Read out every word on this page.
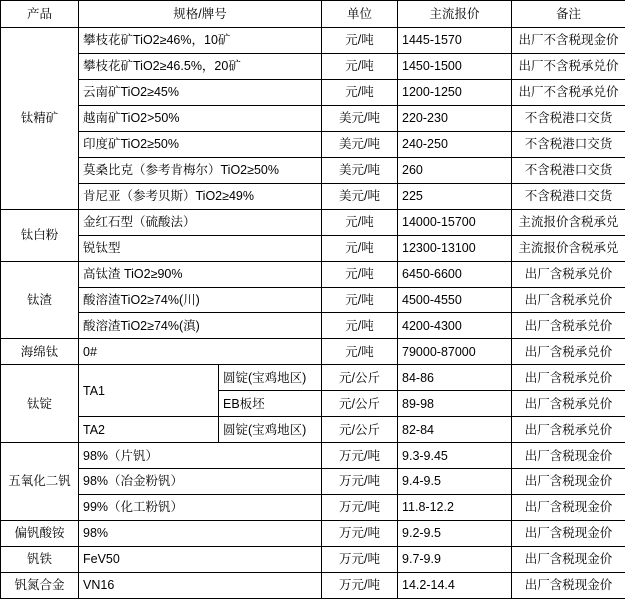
产品	规格/牌号		单位	主流报价	备注
钛精矿	攀枝花矿TiO2≥46%，10矿		元/吨	1445-1570	出厂不含税现金价
	攀枝花矿TiO2≥46.5%，20矿		元/吨	1450-1500	出厂不含税承兑价
	云南矿TiO2≥45%		元/吨	1200-1250	出厂不含税承兑价
	越南矿TiO2>50%		美元/吨	220-230	不含税港口交货
	印度矿TiO2≥50%		美元/吨	240-250	不含税港口交货
	莫桑比克（参考肯梅尔）TiO2≥50%		美元/吨	260	不含税港口交货
	肯尼亚（参考贝斯）TiO2≥49%		美元/吨	225	不含税港口交货
钛白粉	金红石型（硫酸法）		元/吨	14000-15700	主流报价含税承兑
	锐钛型		元/吨	12300-13100	主流报价含税承兑
钛渣	高钛渣 TiO2≥90%		元/吨	6450-6600	出厂含税承兑价
	酸溶渣TiO2≥74%(川)		元/吨	4500-4550	出厂含税承兑价
	酸溶渣TiO2≥74%(滇)		元/吨	4200-4300	出厂含税承兑价
海绵钛	0#		元/吨	79000-87000	出厂含税承兑价
钛锭	TA1	圆锭(宝鸡地区)	元/公斤	84-86	出厂含税承兑价
		EB板坯	元/公斤	89-98	出厂含税承兑价
	TA2	圆锭(宝鸡地区)	元/公斤	82-84	出厂含税承兑价
五氧化二钒	98%（片钒）		万元/吨	9.3-9.45	出厂含税现金价
	98%（冶金粉钒）		万元/吨	9.4-9.5	出厂含税现金价
	99%（化工粉钒）		万元/吨	11.8-12.2	出厂含税现金价
偏钒酸铵	98%		万元/吨	9.2-9.5	出厂含税现金价
钒铁	FeV50		万元/吨	9.7-9.9	出厂含税现金价
钒氮合金	VN16		万元/吨	14.2-14.4	出厂含税现金价
